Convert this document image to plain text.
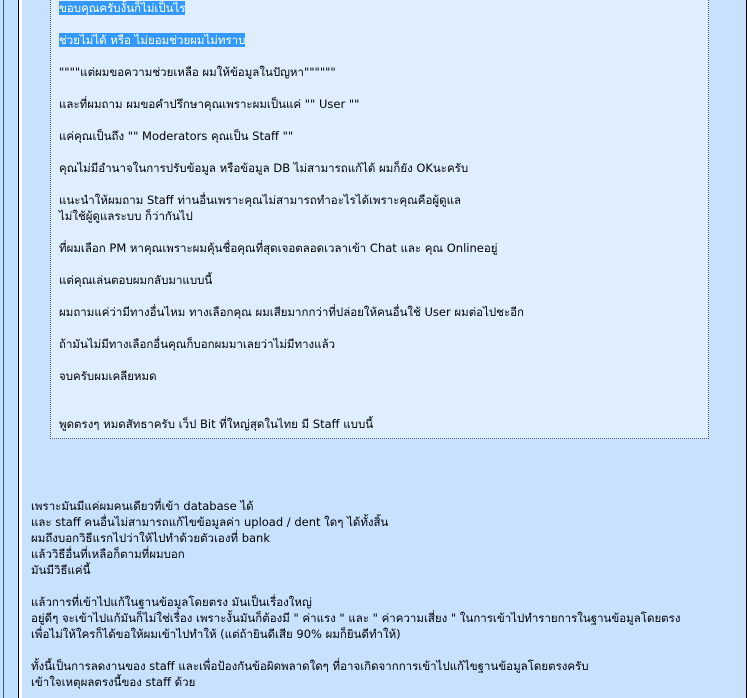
ขอบคุณครับงั้นก็ไม่เป็นไร
ช่วยไม่ได้ หรือ ไม่ยอมช่วยผมไม่ทราบ
""""แต่ผมขอความช่วยเหลือ ผมให้ข้อมูลในปัญหา""""""
และที่ผมถาม ผมขอคำปรึกษาคุณเพราะผมเป็นแค่ "" User ""
แค่คุณเป็นถึง "" Moderators คุณเป็น Staff ""
คุณไม่มีอำนาจในการปรับข้อมูล หรือข้อมูล DB ไม่สามารถแก้ได้ ผมก็ยัง OKนะครับ
แนะนำให้ผมถาม Staff ท่านอื่นเพราะคุณไม่สามารถทำอะไรได้เพราะคุณคือผู้ดูแล
ไม่ใช้ผู้ดูแลระบบ ก็ว่ากันไป
ที่ผมเลือก PM หาคุณเพราะผมคุ้นชื่อคุณที่สุดเจอตลอดเวลาเข้า Chat และ คุณ Onlineอยู่
แต่คุณเล่นตอบผมกลับมาแบบนี้
ผมถามแค่ว่ามีทางอื่นไหม ทางเลือกคุณ ผมเสียมากกว่าที่ปล่อยให้คนอื่นใช้ User ผมต่อไปชะอีก
ถ้ามันไม่มีทางเลือกอื่นคุณก็บอกผมมาเลยว่าไม่มีทางแล้ว
จบครับผมเคลียหมด
พูดตรงๆ หมดสัทธาครับ เว็ป Bit ที่ใหญ่สุดในไทย มี Staff แบบนี้
เพราะมันมีแค่ผมคนเดียวที่เข้า database ได้
และ staff คนอื่นไม่สามารถแก้ไขข้อมูลค่า upload / dent ใดๆ ได้ทั้งสิ้น
ผมถึงบอกวิธีแรกไปว่าให้ไปทำด้วยตัวเองที่ bank
แล้ววิธีอื่นที่เหลือก็ตามที่ผมบอก
มันมีวิธีแค่นี้
แล้วการที่เข้าไปแก้ในฐานข้อมูลโดยตรง มันเป็นเรื่องใหญ่
อยู่ดีๆ จะเข้าไปแก้มันก็ไม่ใช่เรื่อง เพราะงั้นมันก็ต้องมี " ค่าแรง " และ " ค่าความเสี่ยง " ในการเข้าไปทำรายการในฐานข้อมูลโดยตรง
เพื่อไม่ให้ใครก็ได้ขอให้ผมเข้าไปทำให้ (แต่ถ้ายินดีเสีย 90% ผมก็ยินดีทำให้)
ทั้งนี้เป็นการลดงานของ staff และเพื่อป้องกันข้อผิดพลาดใดๆ ที่อาจเกิดจากการเข้าไปแก้ไขฐานข้อมูลโดยตรงครับ
เข้าใจเหตุผลตรงนี้ของ staff ด้วย
